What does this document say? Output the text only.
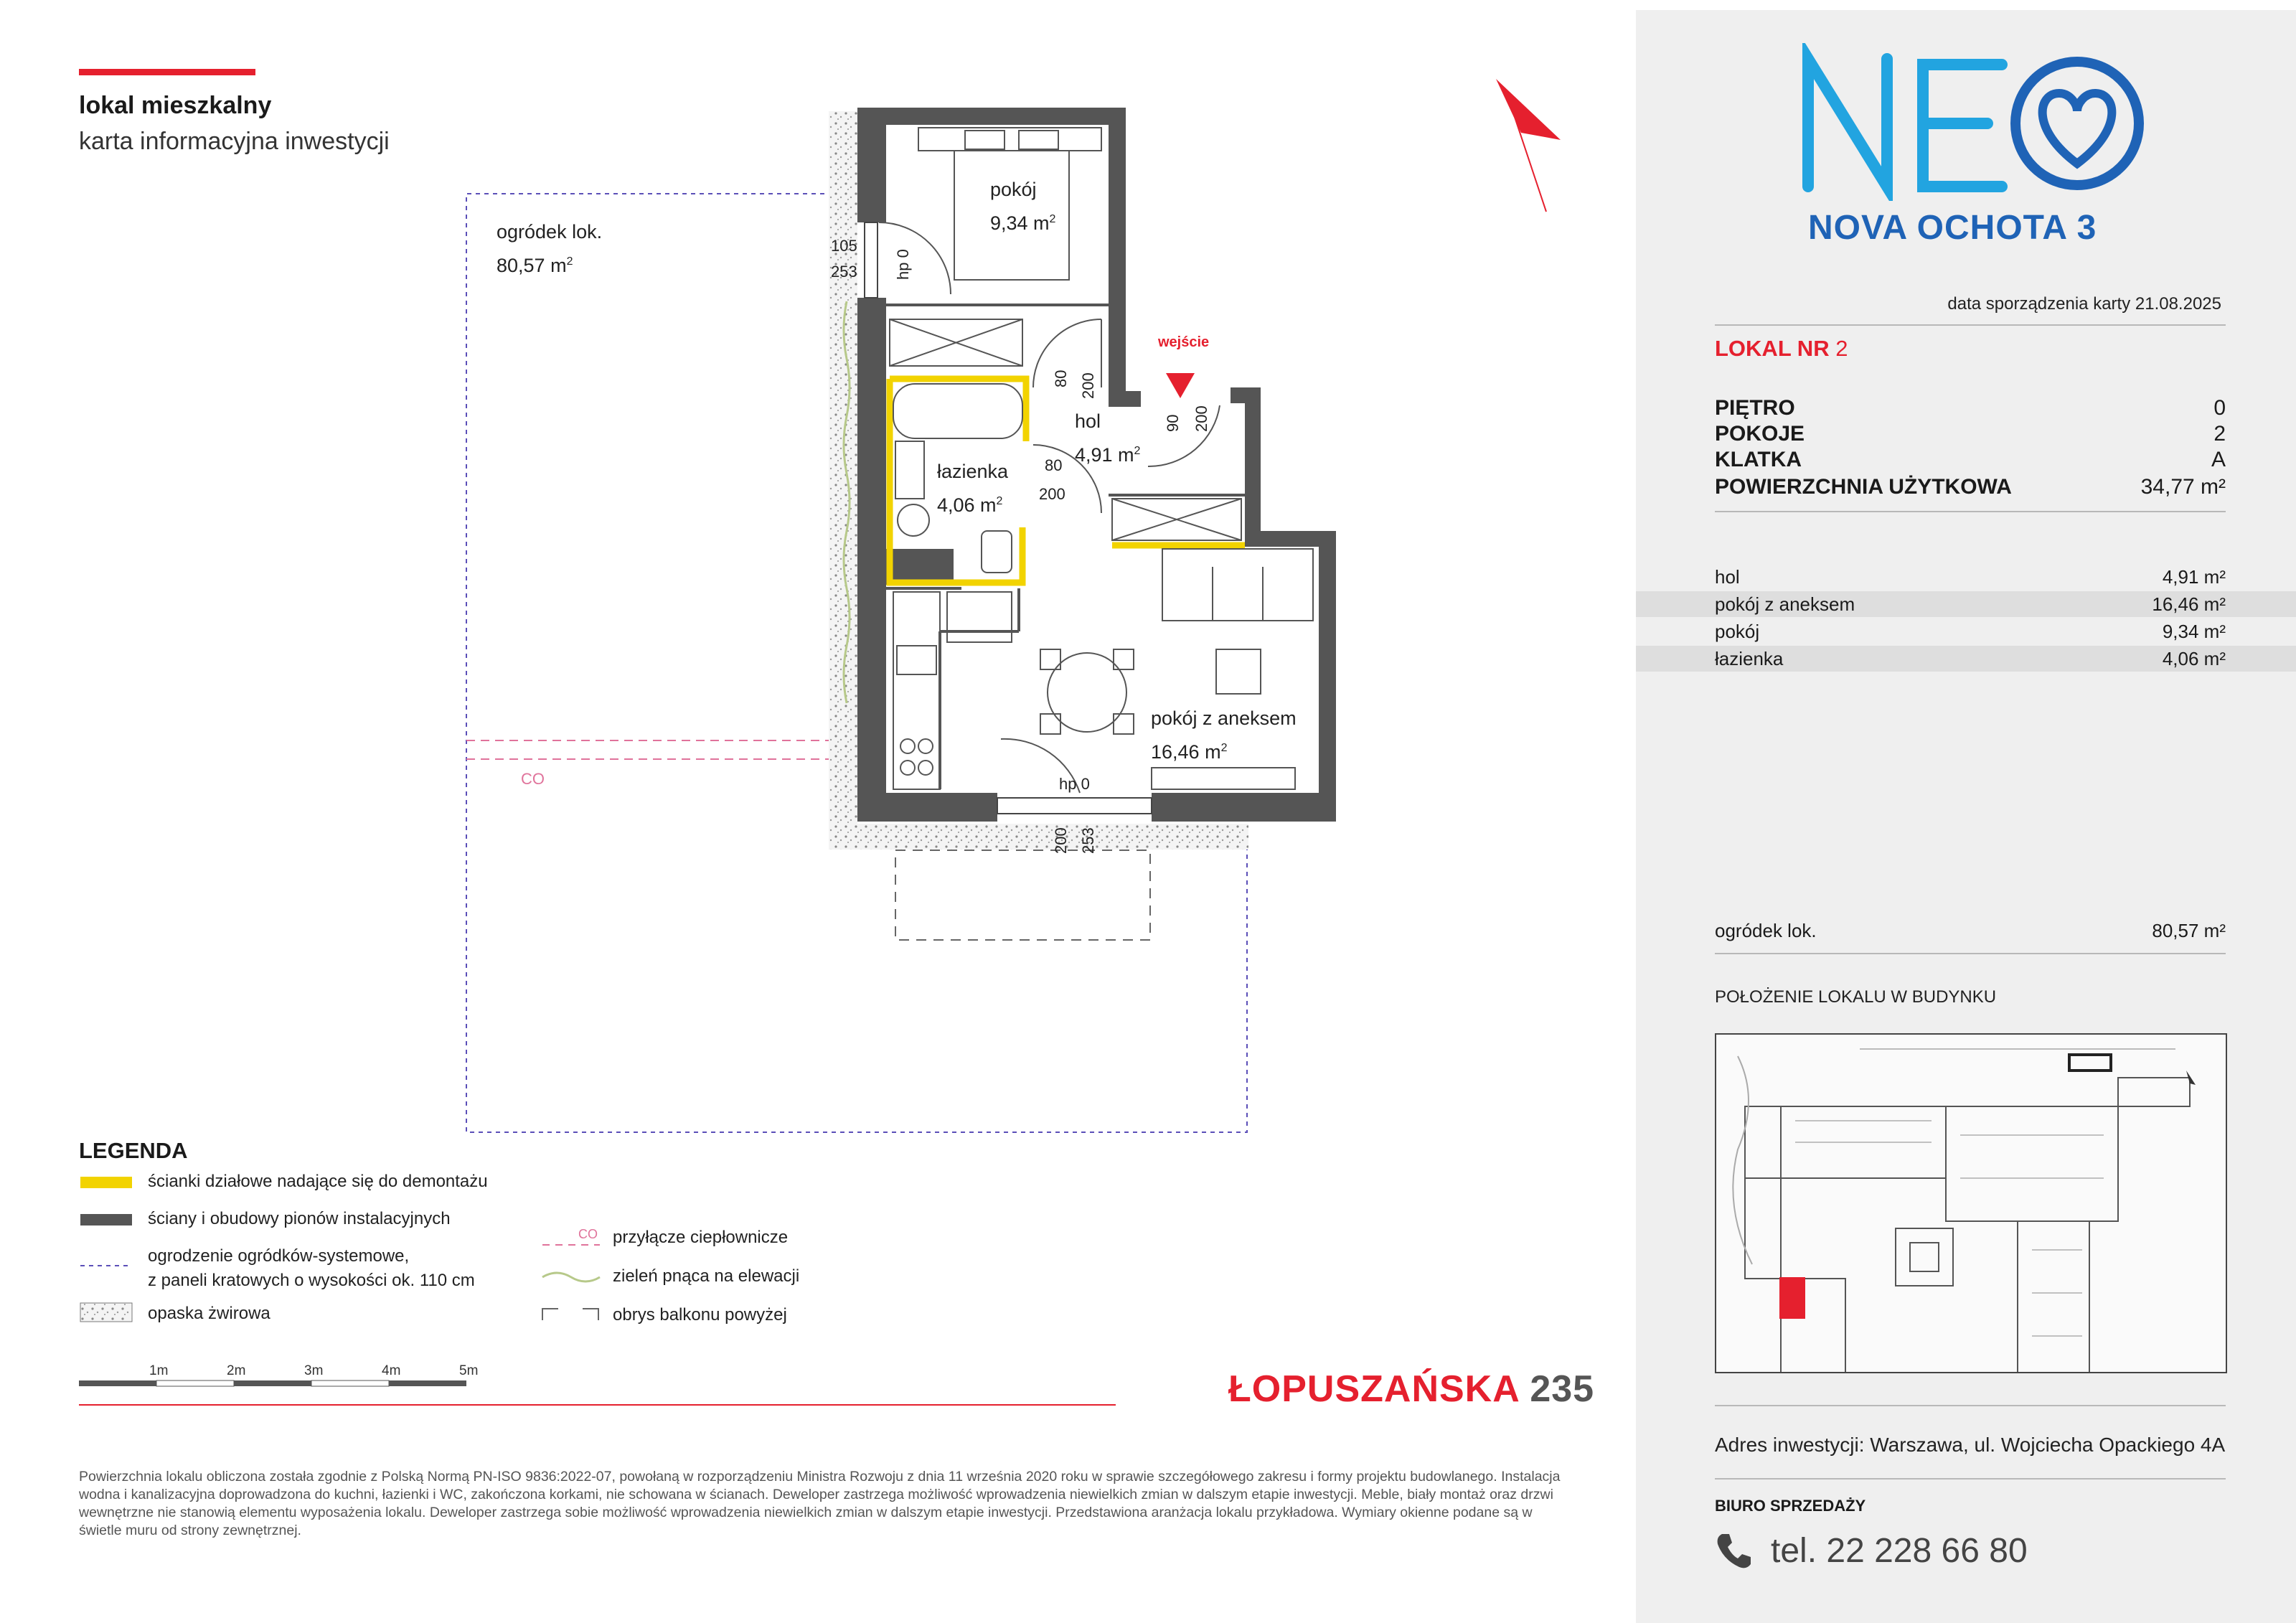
lokal mieszkalny
karta informacyjna inwestycji
ogródek lok.
80,57 $m^2$
pokój
9,34 $m^2$
hol
4,91 $m^2$
łazienka
4,06 $m^2$
pokój z aneksem
16,46 $m^2$
wejście
CO
105
253 hp 0
80 200
90 200
80
200
hp 0
200 253
LEGENDA
ścianki działowe nadające się do demontażu
ściany i obudowy pionów instalacyjnych
ogrodzenie ogródków-systemowe,
z paneli kratowych o wysokości ok. 110 cm
opaska żwirowa
przyłącze ciepłownicze
zieleń pnąca na elewacji
obrys balkonu powyżej
CO
1m	2m	3m	4m	5m	ŁOPUSZAŃSKA 235
Powierzchnia lokalu obliczona została zgodnie z Polską Normą PN-ISO 9836:2022-07, powołaną w rozporządzeniu Ministra Rozwoju z dnia 11 września 2020 roku w sprawie szczegółowego zakresu i formy projektu budowlanego. Instalacja wodna i kanalizacyjna doprowadzona do kuchni, łazienki i WC, zakończona korkami, nie schowana w ścianach. Deweloper zastrzega możliwość wprowadzenia niewielkich zmian w dalszym etapie inwestycji. Meble, biały montaż oraz drzwi wewnętrzne nie stanowią elementu wyposażenia lokalu. Deweloper zastrzega sobie możliwość wprowadzenia niewielkich zmian w dalszym etapie inwestycji. Przedstawiona aranżacja lokalu przykładowa. Wymiary okienne podane są w świetle muru od strony zewnętrznej.
NOVA OCHOTA 3
data sporządzenia karty 21.08.2025
LOKAL NR 2
PIĘTRO	0
POKOJE	2
KLATKA	A
POWIERZCHNIA UŻYTKOWA	34,77 m²
hol	4,91 m²
pokój z aneksem	16,46 m²
pokój	9,34 m²
łazienka	4,06 m²
ogródek lok.	80,57 m²
POŁOŻENIE LOKALU W BUDYNKU
Adres inwestycji: Warszawa, ul. Wojciecha Opackiego 4A
BIURO SPRZEDAŻY
tel. 22 228 66 80
